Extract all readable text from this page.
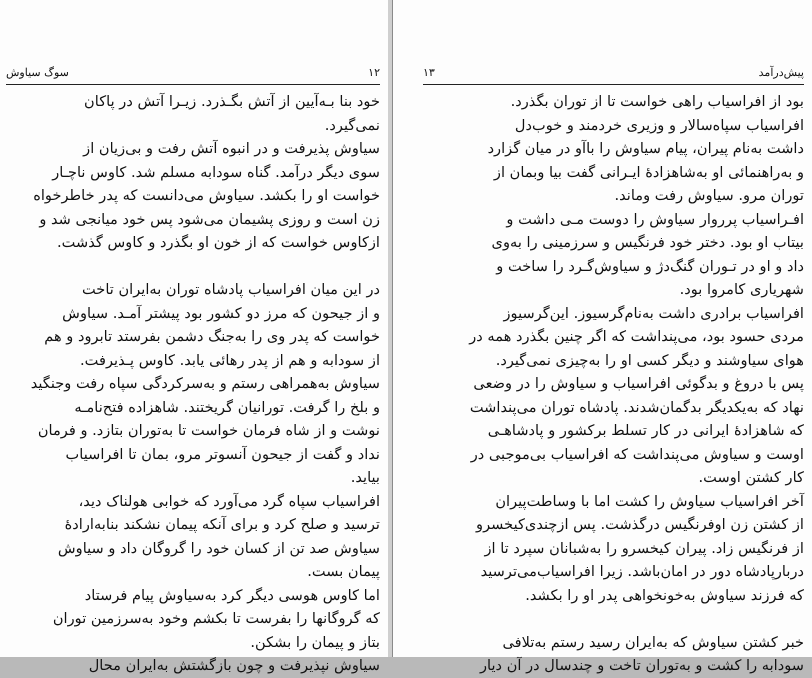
۱۲
سوگ سیاوش
خود بنا بـه‌آیین از آتش بگـذرد. زیـرا آتش در پاکان
نمی‌گیرد.
سیاوش پذیرفت و در انبوه آتش رفت و بی‌زیان از
سوی دیگر درآمد. گناه سودابه مسلم شد. کاوس ناچـار
خواست او را بکشد. سیاوش می‌دانست که پدر خاطرخواه
زن است و روزی پشیمان می‌شود پس خود میانجی شد و
ازکاوس خواست که از خون او بگذرد و کاوس گذشت.
در این میان افراسیاب پادشاه توران به‌ایران تاخت
و از جیحون که مرز دو کشور بود پیشتر آمـد. سیاوش
خواست که پدر وی را به‌جنگ دشمن بفرستد تابرود و هم
از سودابه و هم از پدر رهائی یابد. کاوس پـذیرفت.
سیاوش به‌همراهی رستم و به‌سرکردگی سپاه رفت وجنگید
و بلخ را گرفت. تورانیان گریختند. شاهزاده فتح‌نامـه
نوشت و از شاه فرمان خواست تا به‌توران بتازد. و فرمان
نداد و گفت از جیحون آنسوتر مرو، بمان تا افراسیاب
بیاید.
افراسیاب سپاه گرد می‌آورد که خوابی هولناک دید،
ترسید و صلح کرد و برای آنکه پیمان نشکند بنابه‌ارادهٔ
سیاوش صد تن از کسان خود را گروگان داد و سیاوش
پیمان بست.
اما کاوس هوسی دیگر کرد به‌سیاوش پیام فرستاد
که گروگانها را بفرست تا بکشم وخود به‌سرزمین توران
بتاز و پیمان را بشکن.
سیاوش نپذیرفت و چون بازگشتش به‌ایران محال
۱۳	پیش‌درآمد
بود از افراسیاب راهی خواست تا از توران بگذرد.
افراسیاب سپاه‌سالار و وزیری خردمند و خوب‌دل
داشت به‌نام پیران، پیام سیاوش را باآو در میان گزارد
و به‌راهنمائی او به‌شاهزادهٔ ایـرانی گفت بیا وبمان از
توران مرو. سیاوش رفت وماند.
افـراسیاب پرروار سیاوش را دوست مـی داشت و
بیتاب او بود. دختر خود فرنگیس و سرزمینی را به‌وی
داد و او در تـوران گنگ‌دژ و سیاوش‌گـرد را ساخت و
شهریاری کامروا بود.
افراسیاب برادری داشت به‌نام‌گرسیوز. این‌گرسیوز
مردی حسود بود، می‌پنداشت که اگر چنین بگذرد همه در
هوای سیاوشند و دیگر کسی او را به‌چیزی نمی‌گیرد.
پس با دروغ و بدگوئی افراسیاب و سیاوش را در وضعی
نهاد که به‌یکدیگر بدگمان‌شدند. پادشاه توران می‌پنداشت
که شاهزادهٔ ایرانی در کار تسلط برکشور و پادشاهـی
اوست و سیاوش می‌پنداشت که افراسیاب بی‌موجبی در
کار کشتن اوست.
آخر افراسیاب سیاوش را کشت اما با وساطت‌پیران
از کشتن زن اوفرنگیس درگذشت. پس ازچندی‌کیخسرو
از فرنگیس زاد. پیران کیخسرو را به‌شبانان سپرد تا از
دربارپادشاه دور در امان‌باشد. زیرا افراسیاب‌می‌ترسید
که فرزند سیاوش به‌خونخواهی پدر او را بکشد.
خبر کشتن سیاوش که به‌ایران رسید رستم به‌تلافی
سودابه را کشت و به‌توران تاخت و چندسال در آن دیار
